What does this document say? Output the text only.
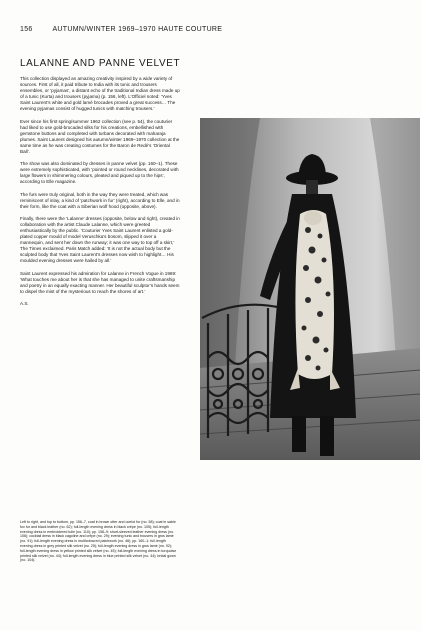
156	AUTUMN/WINTER 1969–1970 HAUTE COUTURE
LALANNE AND PANNE VELVET

This collection displayed an amazing creativity inspired by a wide variety of sources. First of all, it paid tribute to India with its tunic and trousers ensembles, or ‘pyjamas’, a distant echo of the traditional Indian dress made up of a tunic (Kurta) and trousers (pyjama) (p. 156, left). L’Officiel noted: ‘Yves Saint Laurent’s white and gold lamé brocades proved a great success… The evening pyjamas consist of hugged tunics with matching trousers.’

Ever since his first spring/summer 1962 collection (see p. 54), the couturier had liked to use gold-brocaded silks for his creations, embellished with gemstone buttons and completed with turbans decorated with maharaja plumes. Saint Laurent designed his autumn/winter 1969–1970 collection at the same time as he was creating costumes for the Baron de Redé’s ‘Oriental Ball’.

The show was also dominated by dresses in panne velvet (pp. 160–1). These were extremely sophisticated, with ‘pointed or round necklines, decorated with large flowers in shimmering colours, pleated and piqued up to the hips’, according to Elle magazine.

The furs were truly original, both in the way they were treated, which was reminiscent of inlay, a kind of ‘patchwork in fur’ (right), according to Elle, and in their form, like the coat with a Siberian wolf hood (opposite, above).

Finally, there were the ‘Lalanne’ dresses (opposite, below and right), created in collaboration with the artist Claude Lalanne, which were greeted enthusiastically by the public. ‘Couturier Yves Saint Laurent enlisted a gold-plated copper mould of model Veruschka’s bosom, slipped it over a mannequin, and sent her down the runway; it was one way to top off a skirt,’ The Times exclaimed. Paris Match added: ‘It is not the actual body but the sculpted body that Yves Saint Laurent’s dresses now wish to highlight… His moulded evening dresses were hailed by all.’

Saint Laurent expressed his admiration for Lalanne in French Vogue in 1969: ‘What touches me about her is that she has managed to unite craftsmanship and poetry in an equally exacting manner. Her beautiful sculptor’s hands seem to dispel the mist of the mysterious to reach the shores of art.’

A.S.

Left to right, and top to bottom, pp. 156–7, coat in brown otter and ocelot fur (no. 58); coat in sable fox fur and black leather (no. 62); full-length evening dress in black crêpe (no. 105); full-length evening dress in embroidered tulle (no. 110); pp. 158–9: short-sleeved leather evening dress (no. 106); cocktail dress in black cagoline and crêpe (no. 29); evening tunic and trousers in gros lamé (no. 91); full-length evening dress in multicoloured patchwork (no. 46); pp. 160–1: full-length evening dress in grey printed silk velvet (no. 25); full-length evening dress in gros lamé (no. 92); full-length evening dress in yellow printed silk velvet (no. 45); full-length evening dress in turquoise printed silk velvet (no. 44); full-length evening dress in blue printed silk velvet (no. 44); bridal gown (no. 104).
